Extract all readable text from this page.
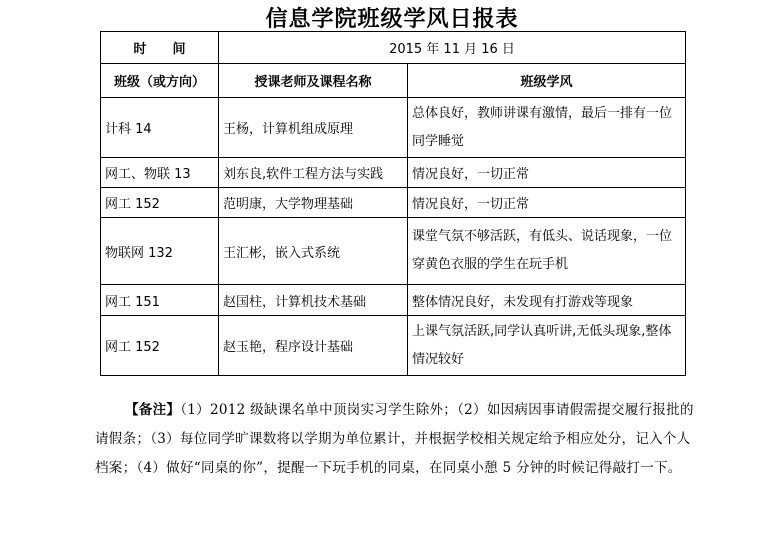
信息学院班级学风日报表
时　　间	2015 年 11 月 16 日	
班级（或方向）	授课老师及课程名称	班级学风
计科 14	王杨，计算机组成原理	总体良好，教师讲课有激情，最后一排有一位同学睡觉
网工、物联 13	刘东良,软件工程方法与实践	情况良好，一切正常
网工 152	范明康，大学物理基础	情况良好，一切正常
物联网 132	王汇彬，嵌入式系统	课堂气氛不够活跃，有低头、说话现象，一位穿黄色衣服的学生在玩手机
网工 151	赵国柱，计算机技术基础	整体情况良好，未发现有打游戏等现象
网工 152	赵玉艳，程序设计基础	上课气氛活跃,同学认真听讲,无低头现象,整体情况较好

【备注】（1）2012 级缺课名单中顶岗实习学生除外；（2）如因病因事请假需提交履行报批的请假条；（3）每位同学旷课数将以学期为单位累计，并根据学校相关规定给予相应处分，记入个人档案；（4）做好“同桌的你”，提醒一下玩手机的同桌，在同桌小憩 5 分钟的时候记得敲打一下。
